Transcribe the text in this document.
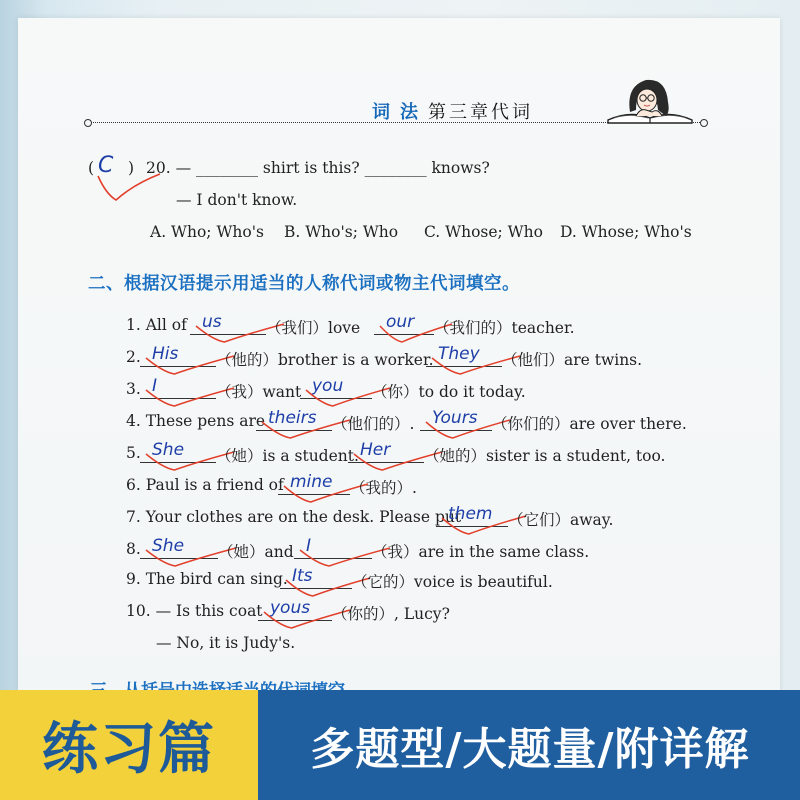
词法第三章代词
( C ) 20. — ________ shirt is this? ________ knows?
— I don't know.
A. Who; Who's B. Who's; Who C. Whose; Who D. Whose; Who's
二、根据汉语提示用适当的人称代词或物主代词填空。
1. All of us	（我们）love our （我们的）teacher.
2. His （他的）brother is a worker. They （他们）are twins.
3. I	（我）want you （你）to do it today.
4. These pens are theirs （他们的）. Yours （你们的）are over there.
5. She （她）is a student. Her （她的）sister is a student, too.
6. Paul is a friend of mine （我的）.
7. Your clothes are on the desk. Please put
them （它们）away.
8. She （她）and I	（我）are in the same class.
9. The bird can sing. Its	（它的）voice is beautiful.
10. — Is this coat yous （你的）, Lucy?
— No, it is Judy's.
练习篇	多题型/大题量/附详解
